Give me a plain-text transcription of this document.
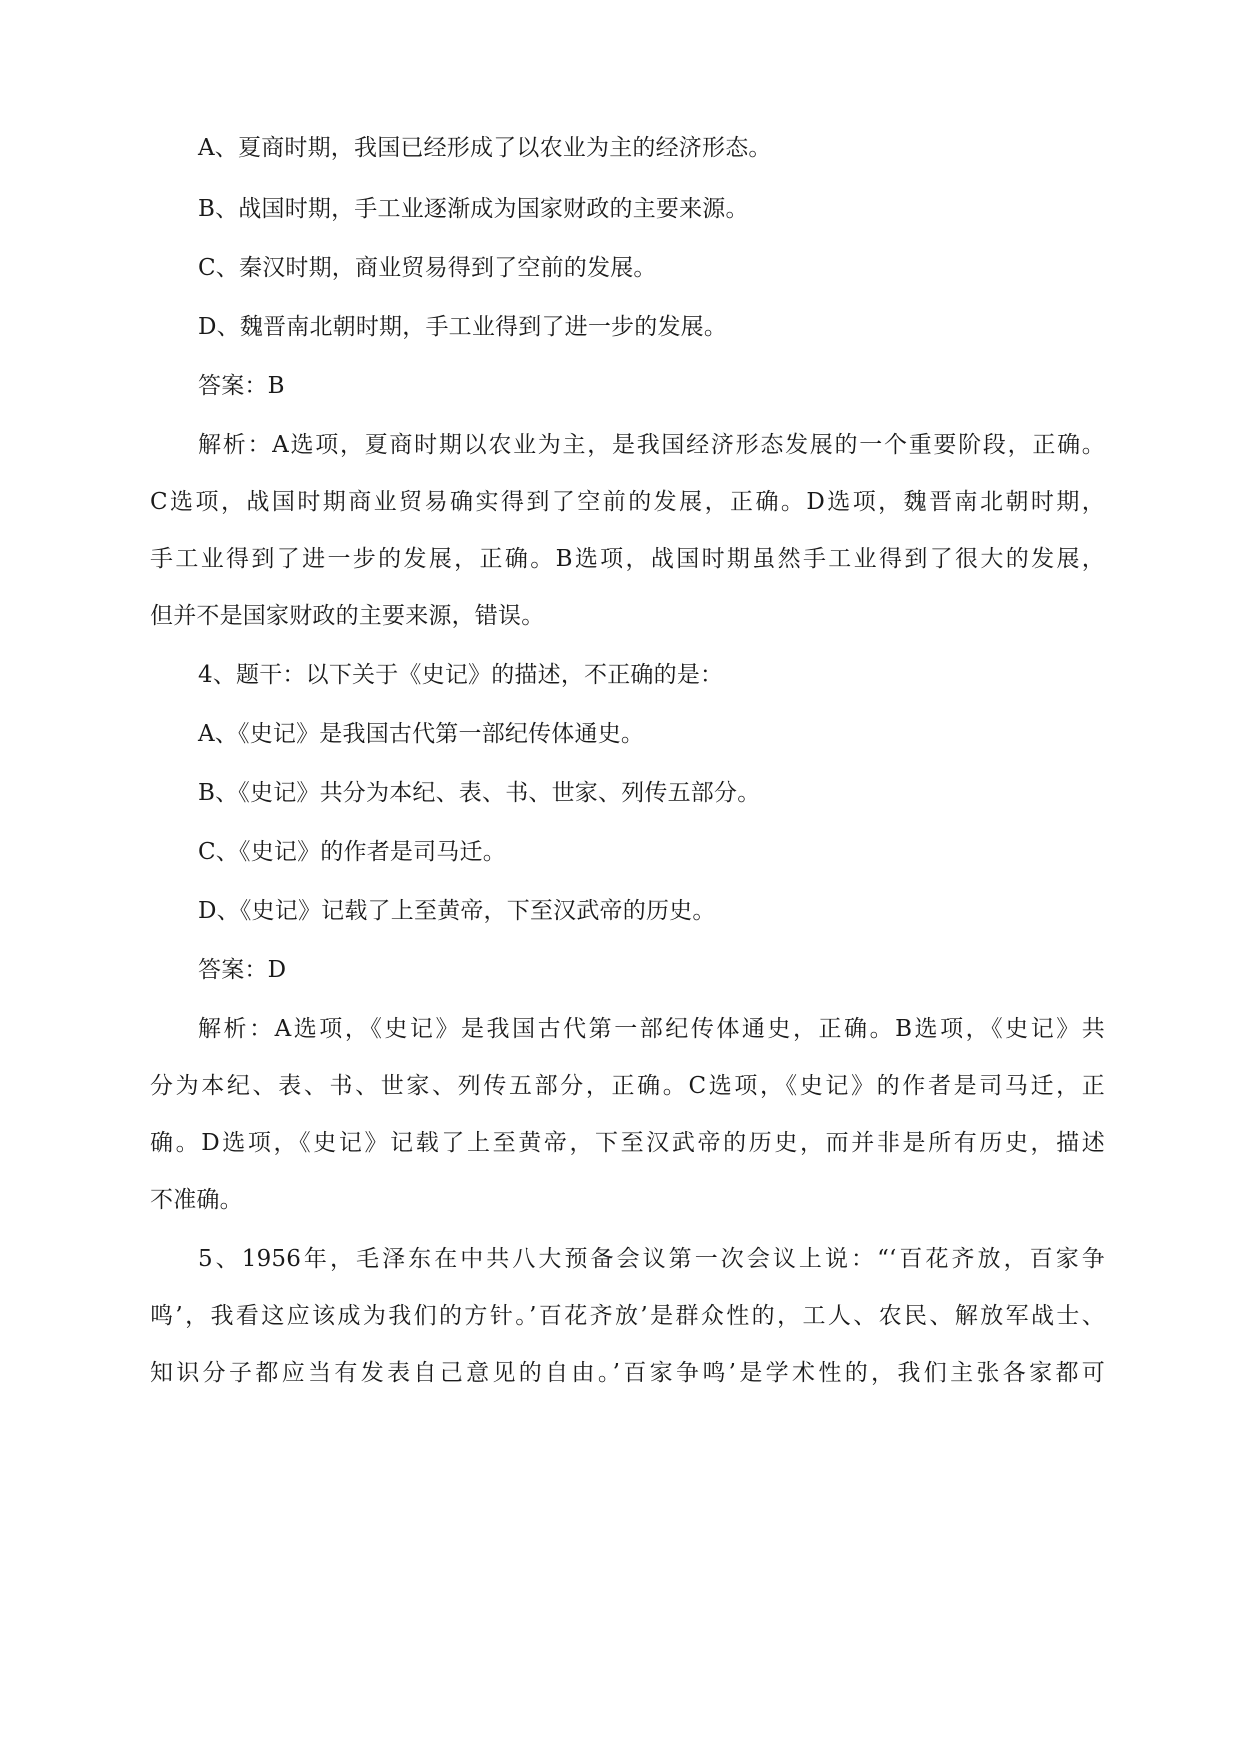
A、夏商时期，我国已经形成了以农业为主的经济形态。
B、战国时期，手工业逐渐成为国家财政的主要来源。
C、秦汉时期，商业贸易得到了空前的发展。
D、魏晋南北朝时期，手工业得到了进一步的发展。
答案：B
解析：A选项，夏商时期以农业为主，是我国经济形态发展的一个重要阶段，正确。
C选项，战国时期商业贸易确实得到了空前的发展，正确。D选项，魏晋南北朝时期，
手工业得到了进一步的发展，正确。B选项，战国时期虽然手工业得到了很大的发展，
但并不是国家财政的主要来源，错误。
4、题干：以下关于《史记》的描述，不正确的是：
A、《史记》是我国古代第一部纪传体通史。
B、《史记》共分为本纪、表、书、世家、列传五部分。
C、《史记》的作者是司马迁。
D、《史记》记载了上至黄帝，下至汉武帝的历史。
答案：D
解析：A选项，《史记》是我国古代第一部纪传体通史，正确。B选项，《史记》共
分为本纪、表、书、世家、列传五部分，正确。C选项，《史记》的作者是司马迁，正
确。D选项，《史记》记载了上至黄帝，下至汉武帝的历史，而并非是所有历史，描述
不准确。
5、1956年，毛泽东在中共八大预备会议第一次会议上说：“‘百花齐放，百家争
鸣’，我看这应该成为我们的方针。’百花齐放’是群众性的，工人、农民、解放军战士、
知识分子都应当有发表自己意见的自由。’百家争鸣’是学术性的，我们主张各家都可
